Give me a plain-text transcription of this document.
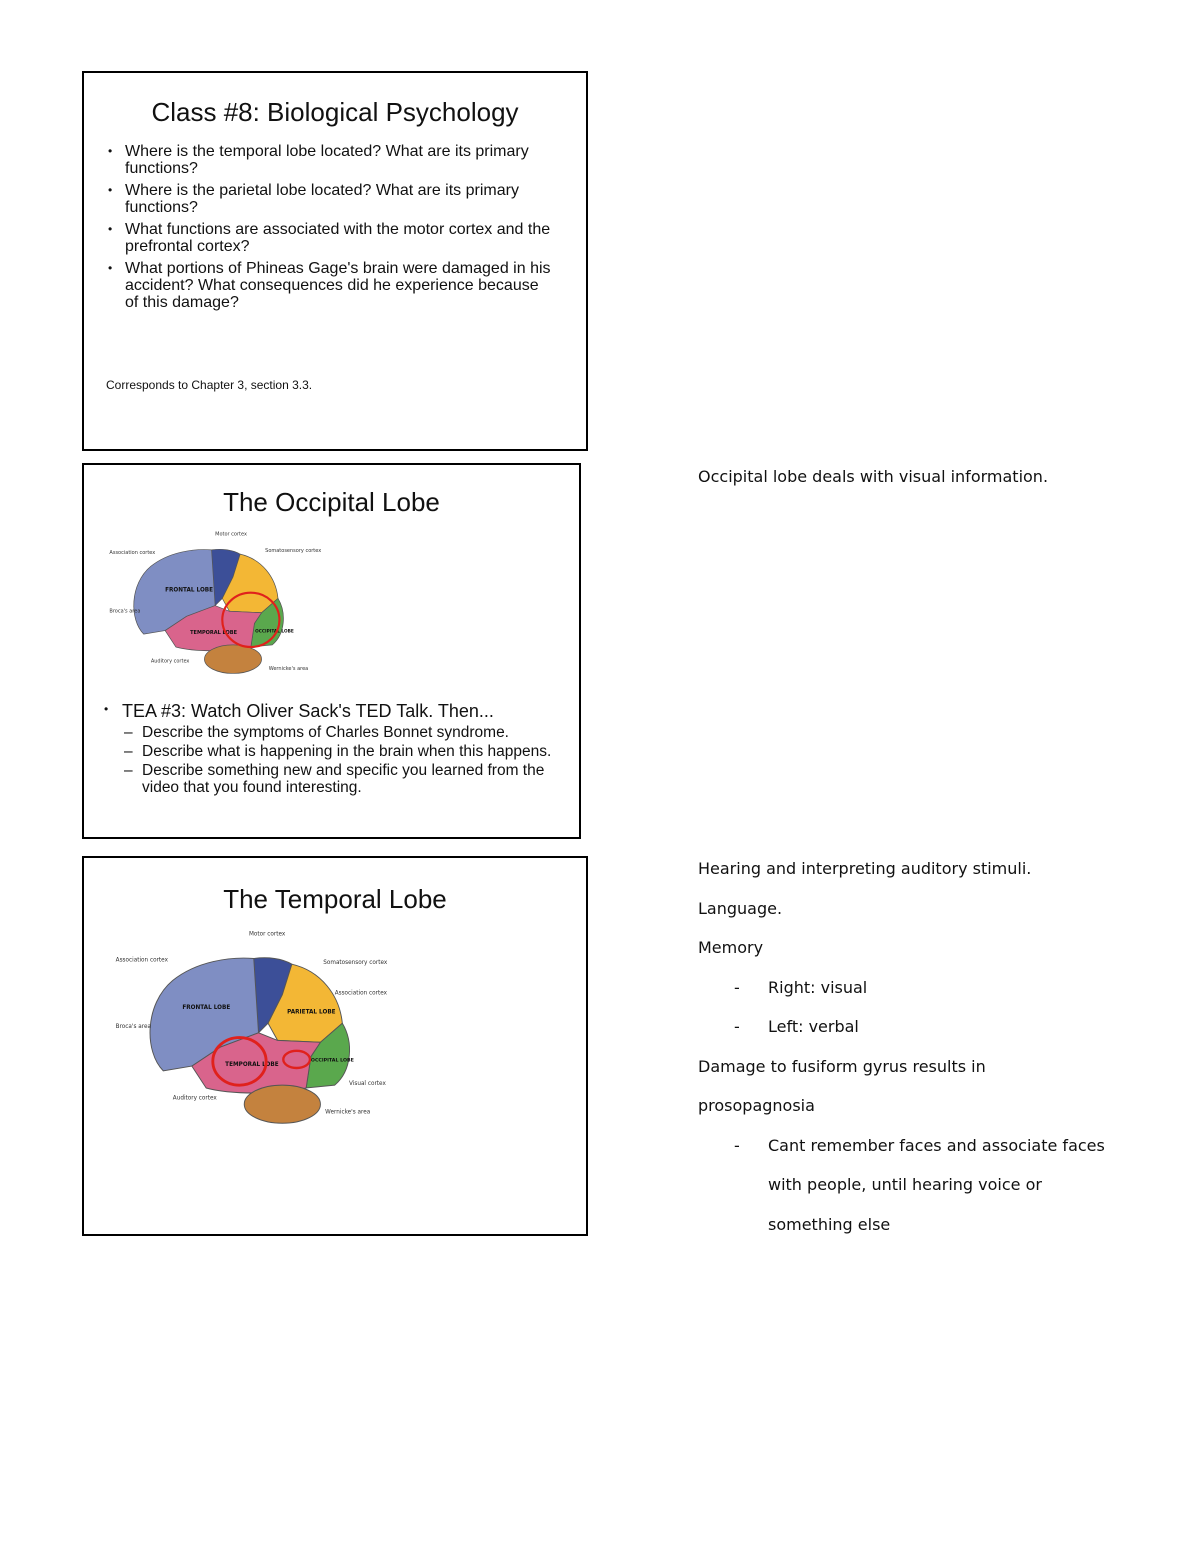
Class #8: Biological Psychology
• Where is the temporal lobe located? What are its primary functions?
• Where is the parietal lobe located? What are its primary functions?
• What functions are associated with the motor cortex and the prefrontal cortex?
• What portions of Phineas Gage's brain were damaged in his accident? What consequences did he experience because of this damage?
Corresponds to Chapter 3, section 3.3.
The Occipital Lobe
FRONTAL LOBE
TEMPORAL LOBE	OCCIPITAL LOBE
Motor cortex
Association cortex	Somatosensory cortex
Broca's area
Auditory cortex
Wernicke's area
• TEA #3: Watch Oliver Sack's TED Talk. Then...
– Describe the symptoms of Charles Bonnet syndrome.
– Describe what is happening in the brain when this happens.
– Describe something new and specific you learned from the video that you found interesting.
The Temporal Lobe
FRONTAL LOBE
PARIETAL LOBE
TEMPORAL LOBE
OCCIPITAL LOBE
Motor cortex
Association cortex	Somatosensory cortex
Association cortex
Broca's area
Auditory cortex
Visual cortex
Wernicke's area
Occipital lobe deals with visual information.
Hearing and interpreting auditory stimuli.
Language.
Memory
- Right: visual
- Left: verbal
Damage to fusiform gyrus results in
prosopagnosia
- Cant remember faces and associate faces
with people, until hearing voice or
something else
